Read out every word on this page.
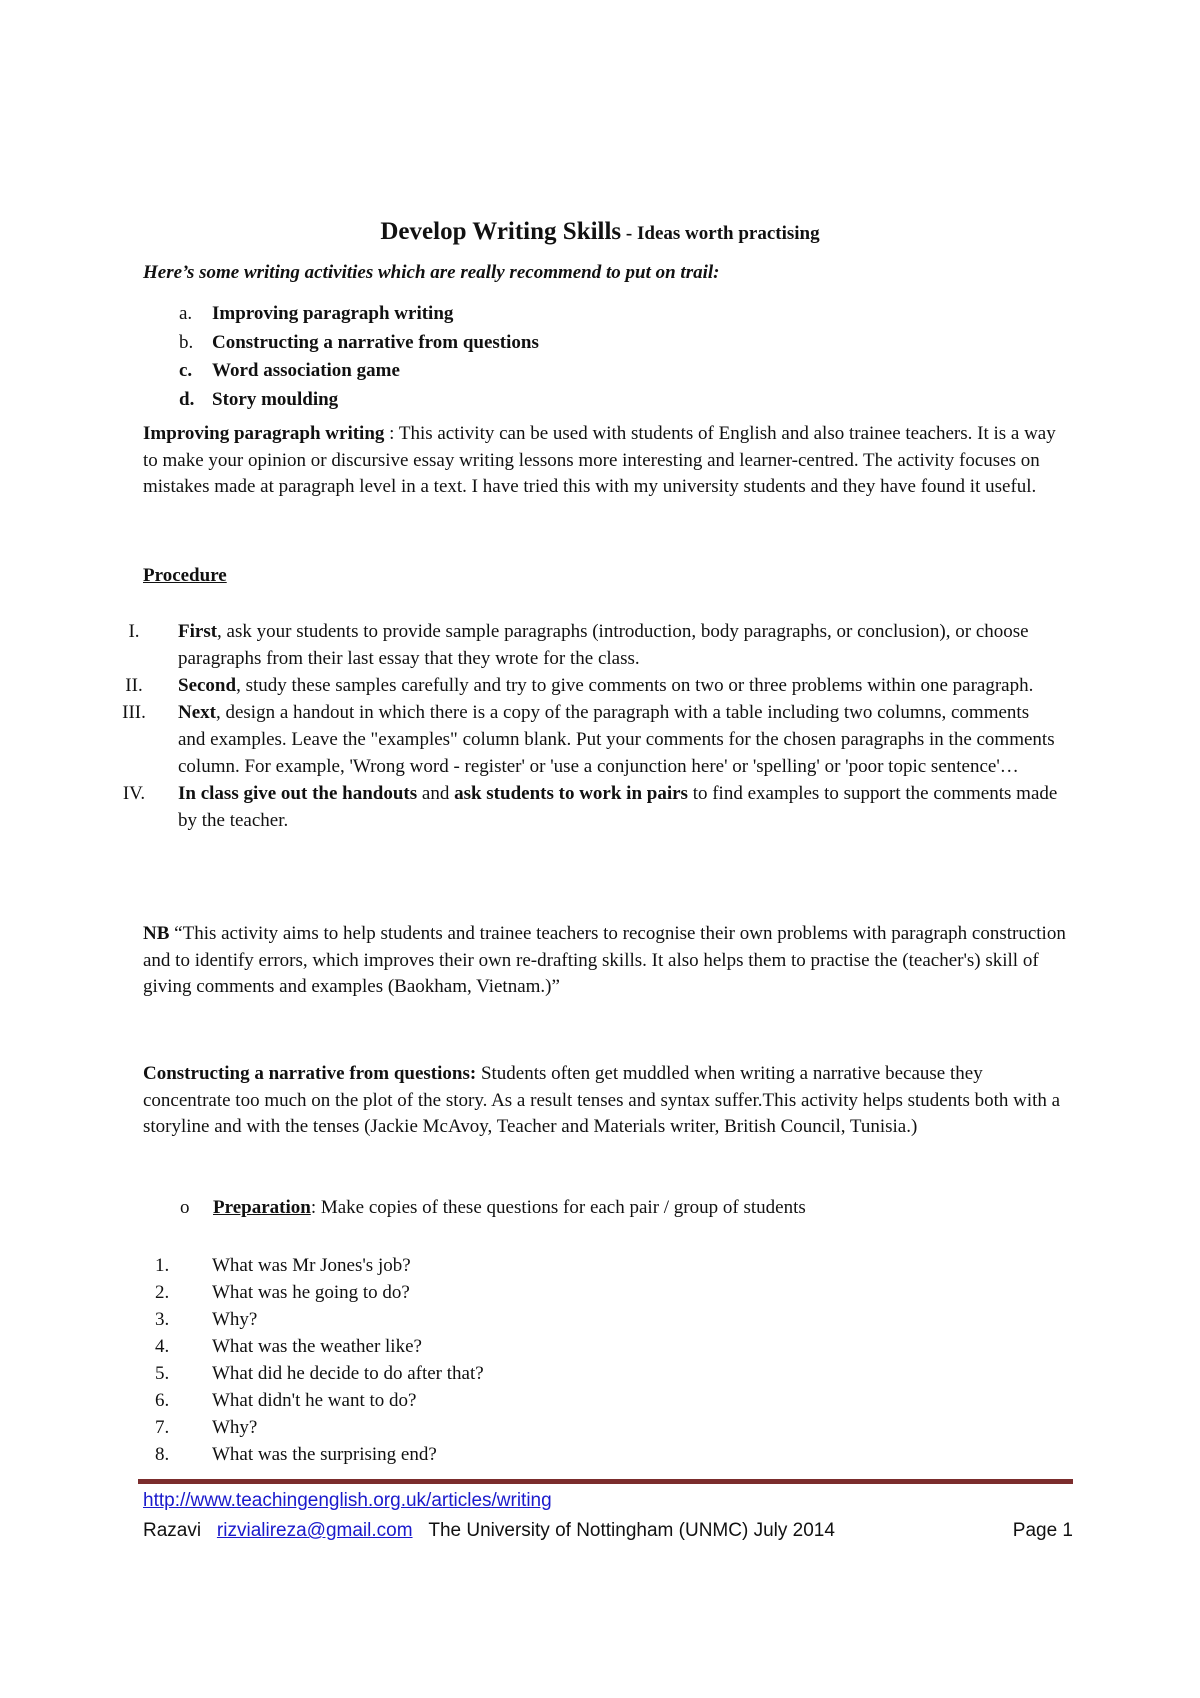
Develop Writing Skills - Ideas worth practising
Here’s some writing activities which are really recommend to put on trail:
a.	Improving paragraph writing
b. Constructing a narrative from questions
c.	Word association game
d. Story moulding
Improving paragraph writing : This activity can be used with students of English and also trainee teachers. It is a way to make your opinion or discursive essay writing lessons more interesting and learner-centred. The activity focuses on mistakes made at paragraph level in a text. I have tried this with my university students and they have found it useful.
Procedure
I.	First, ask your students to provide sample paragraphs (introduction, body paragraphs, or conclusion), or choose paragraphs from their last essay that they wrote for the class.
II.	Second, study these samples carefully and try to give comments on two or three problems within one paragraph.
III.	Next, design a handout in which there is a copy of the paragraph with a table including two columns, comments and examples. Leave the "examples" column blank. Put your comments for the chosen paragraphs in the comments column. For example, 'Wrong word - register' or 'use a conjunction here' or 'spelling' or 'poor topic sentence'…
IV.	In class give out the handouts and ask students to work in pairs to find examples to support the comments made by the teacher.
NB “This activity aims to help students and trainee teachers to recognise their own problems with paragraph construction and to identify errors, which improves their own re-drafting skills. It also helps them to practise the (teacher's) skill of giving comments and examples (Baokham, Vietnam.)”
Constructing a narrative from questions: Students often get muddled when writing a narrative because they concentrate too much on the plot of the story. As a result tenses and syntax suffer.This activity helps students both with a storyline and with the tenses (Jackie McAvoy, Teacher and Materials writer, British Council, Tunisia.)
o Preparation: Make copies of these questions for each pair / group of students
1.	What was Mr Jones's job?
2.	What was he going to do?
3.	Why?
4.	What was the weather like?
5.	What did he decide to do after that?
6.	What didn't he want to do?
7.	Why?
8.	What was the surprising end?
http://www.teachingenglish.org.uk/articles/writing
Razavi rizvialireza@gmail.com The University of Nottingham (UNMC) July 2014	Page 1
